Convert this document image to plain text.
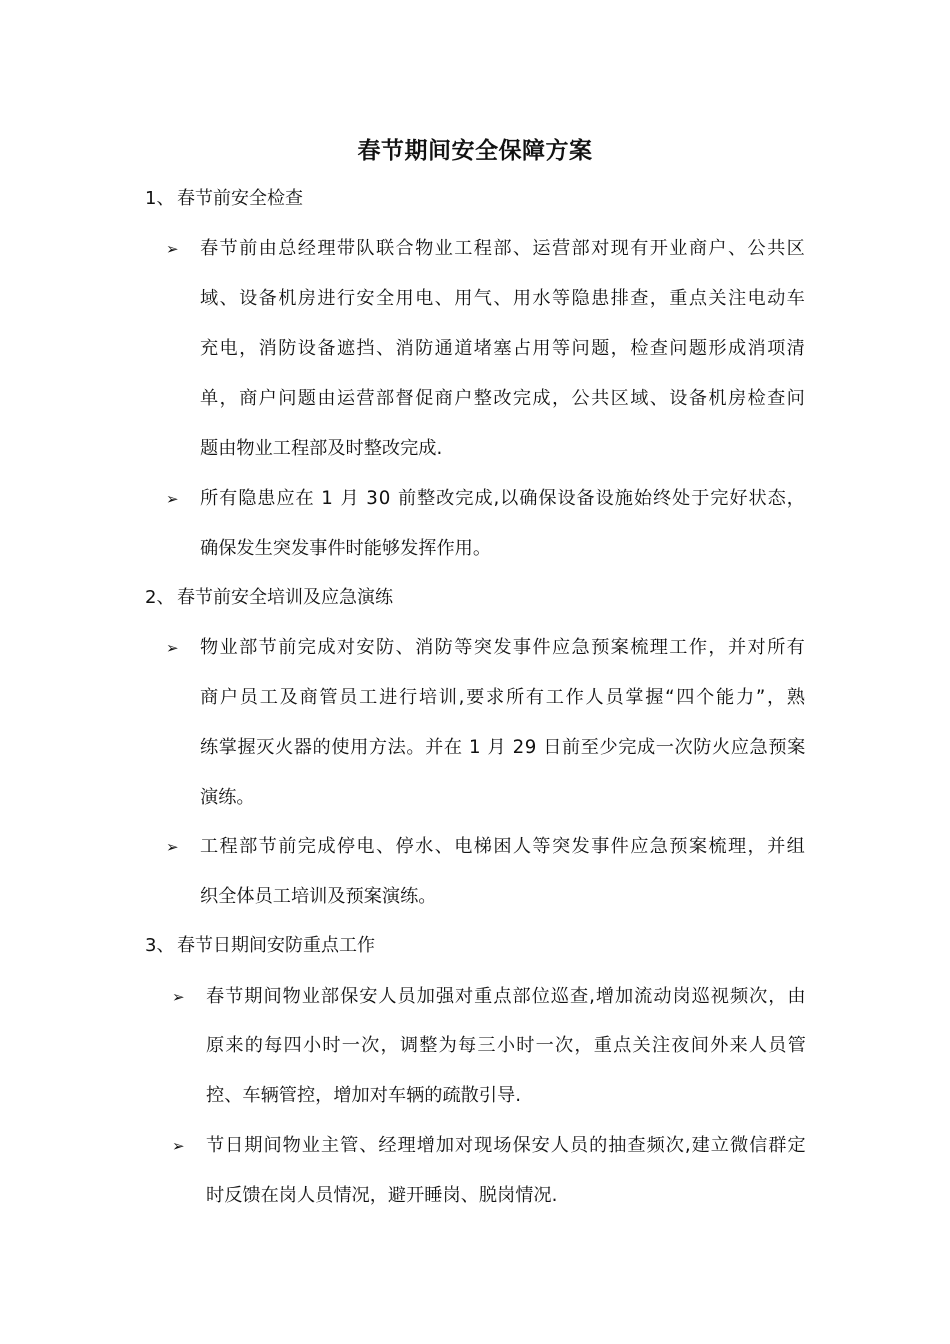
春节期间安全保障方案
1、 春节前安全检查
➢ 春节前由总经理带队联合物业工程部、运营部对现有开业商户、公共区
域、设备机房进行安全用电、用气、用水等隐患排查，重点关注电动车
充电，消防设备遮挡、消防通道堵塞占用等问题，检查问题形成消项清
单，商户问题由运营部督促商户整改完成，公共区域、设备机房检查问
题由物业工程部及时整改完成.
➢ 所有隐患应在 1 月 30 前整改完成,以确保设备设施始终处于完好状态，
确保发生突发事件时能够发挥作用。
2、 春节前安全培训及应急演练
➢ 物业部节前完成对安防、消防等突发事件应急预案梳理工作，并对所有
商户员工及商管员工进行培训,要求所有工作人员掌握“四个能力”，熟
练掌握灭火器的使用方法。并在 1 月 29 日前至少完成一次防火应急预案
演练。
➢ 工程部节前完成停电、停水、电梯困人等突发事件应急预案梳理，并组
织全体员工培训及预案演练。
3、 春节日期间安防重点工作
➢ 春节期间物业部保安人员加强对重点部位巡查,增加流动岗巡视频次，由
原来的每四小时一次，调整为每三小时一次，重点关注夜间外来人员管
控、车辆管控，增加对车辆的疏散引导.
➢ 节日期间物业主管、经理增加对现场保安人员的抽查频次,建立微信群定
时反馈在岗人员情况，避开睡岗、脱岗情况.
